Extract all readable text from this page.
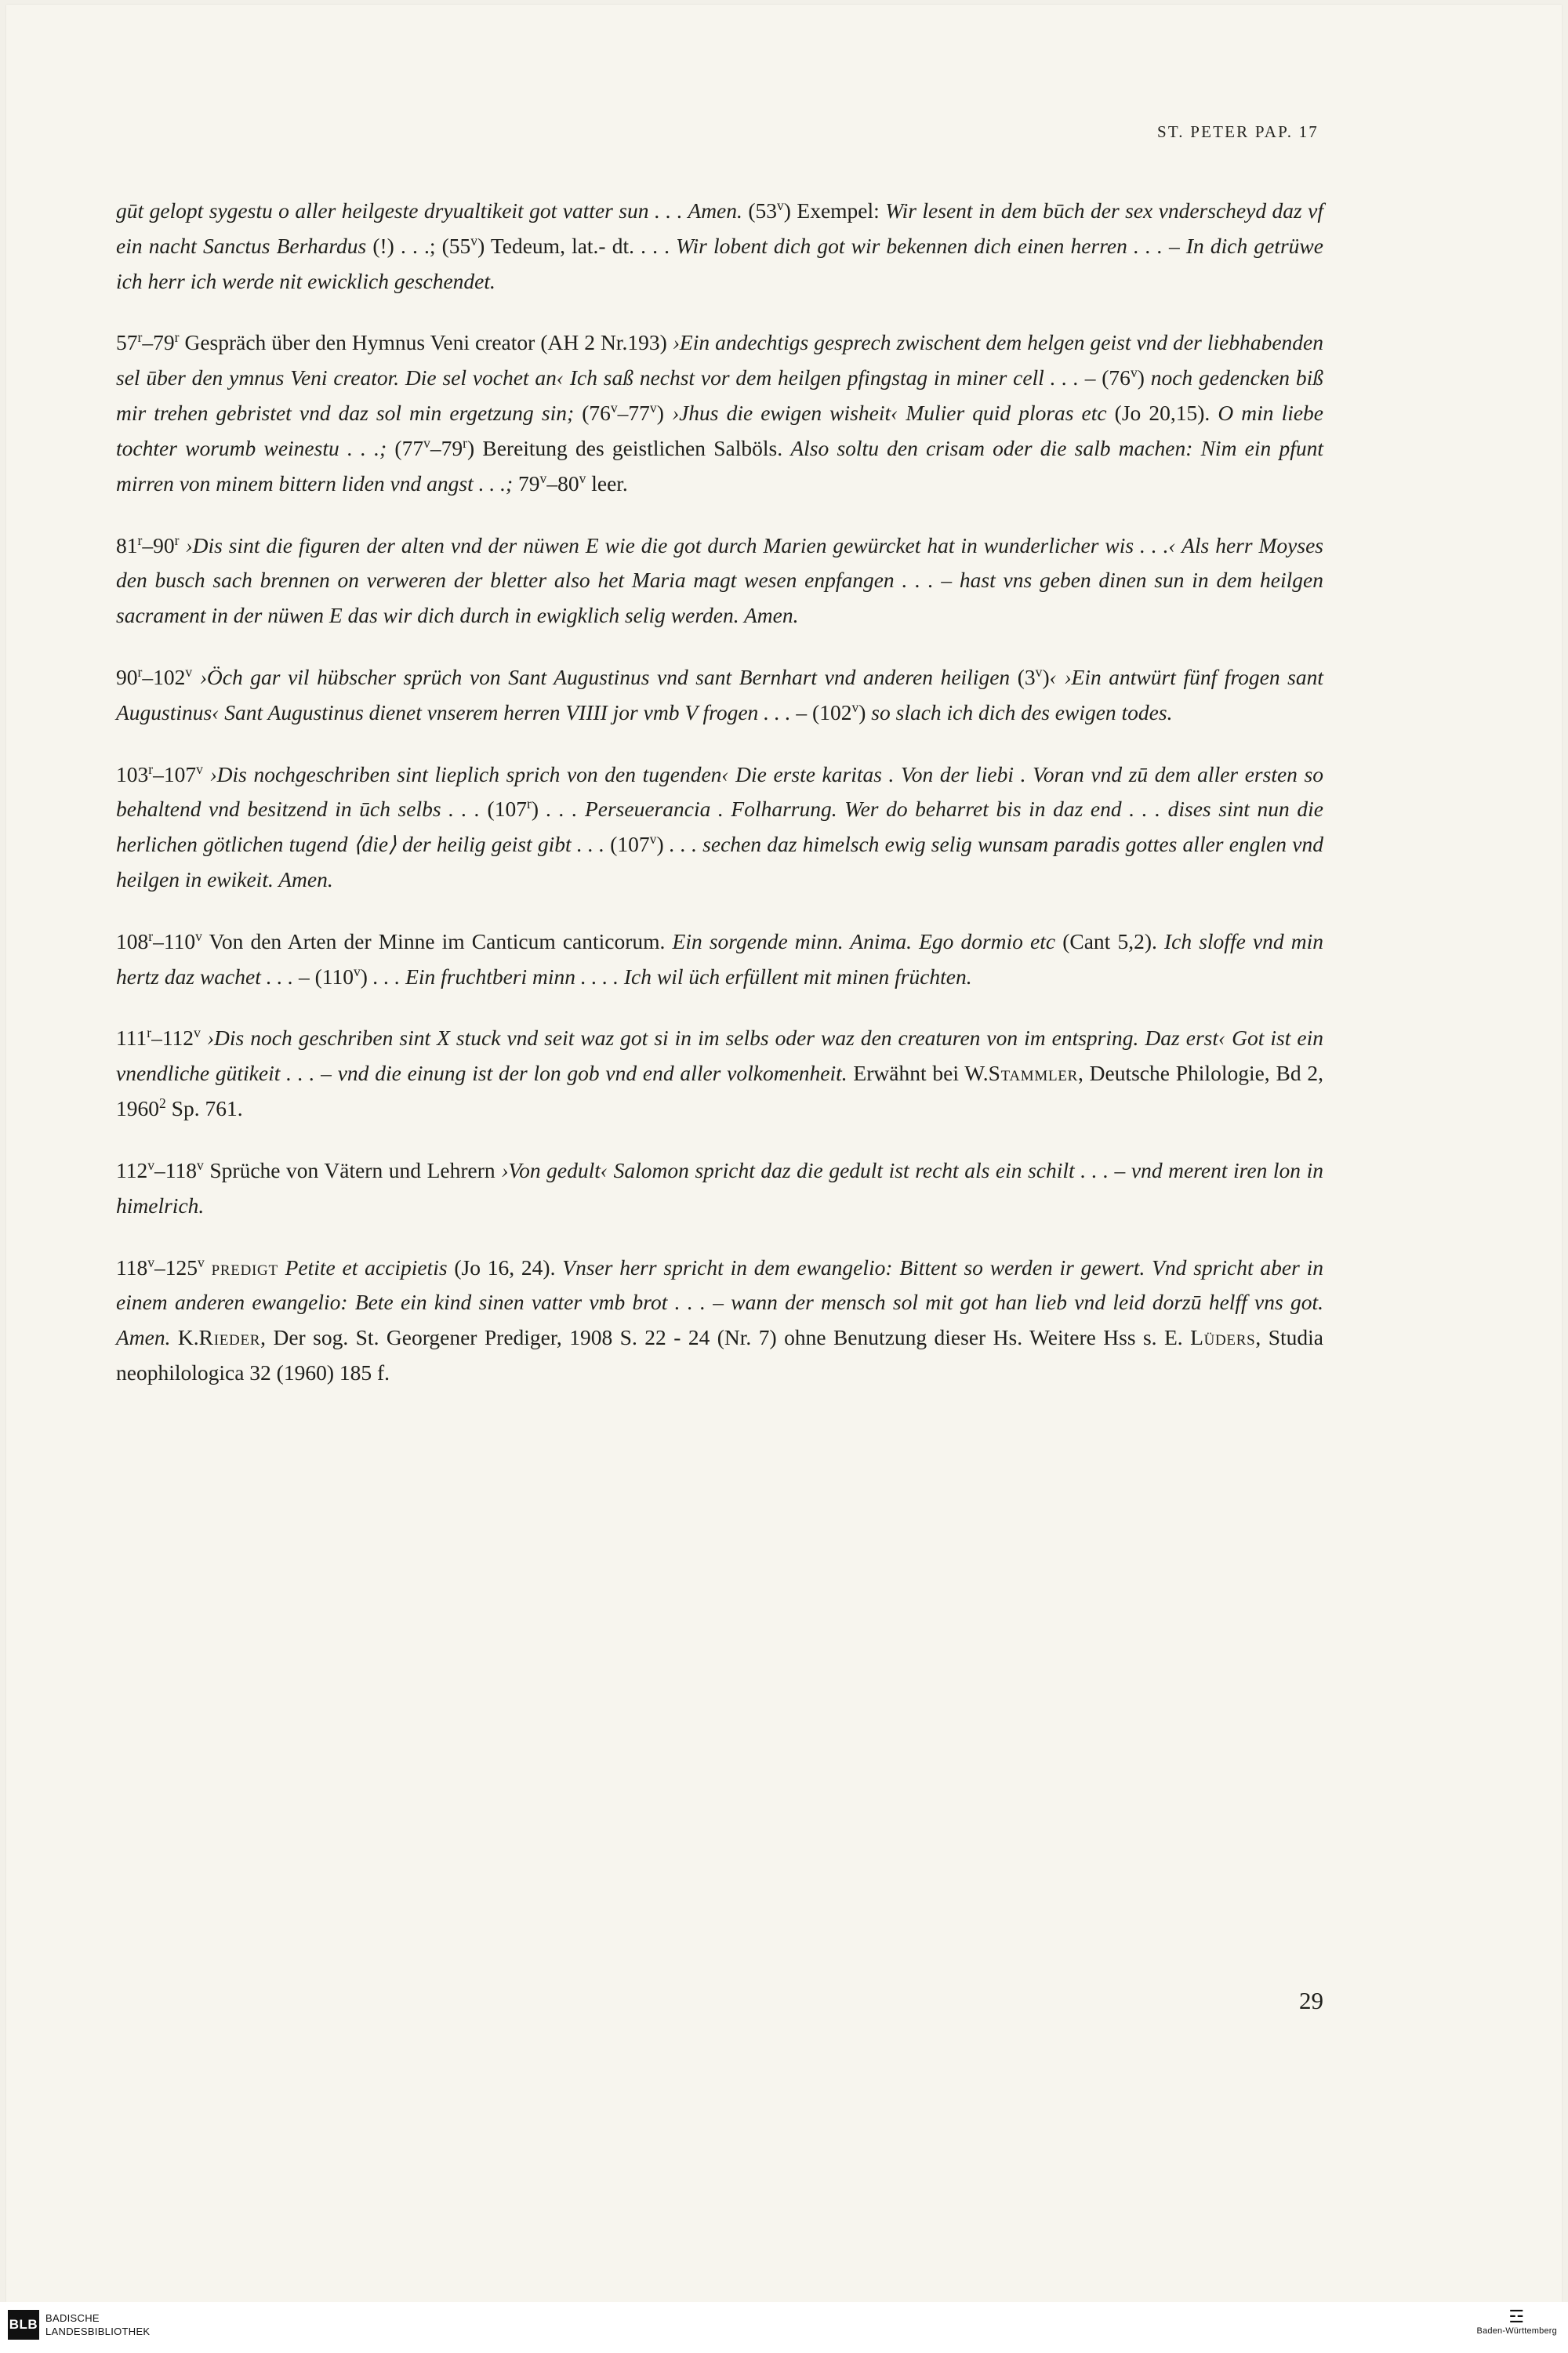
ST. PETER PAP. 17

gūt gelopt sygestu o aller heilgeste dryualtikeit got vatter sun . . . Amen. (53$^v$) Exempel: Wir lesent in dem būch der sex vnderscheyd daz vf ein nacht Sanctus Berhardus (!) . . .; (55$^v$) Tedeum, lat.- dt. . . . Wir lobent dich got wir bekennen dich einen herren . . . – In dich getrüwe ich herr ich werde nit ewicklich geschendet.

57$^r$–79$^r$ Gespräch über den Hymnus Veni creator (AH 2 Nr.193) ›Ein andechtigs gesprech zwischent dem helgen geist vnd der liebhabenden sel ūber den ymnus Veni creator. Die sel vochet an‹ Ich saß nechst vor dem heilgen pfingstag in miner cell . . . – (76$^v$) noch gedencken biß mir trehen gebristet vnd daz sol min ergetzung sin; (76$^v$–77$^v$) ›Jhus die ewigen wisheit‹ Mulier quid ploras etc (Jo 20,15). O min liebe tochter worumb weinestu . . .; (77$^v$–79$^r$) Bereitung des geistlichen Salböls. Also soltu den crisam oder die salb machen: Nim ein pfunt mirren von minem bittern liden vnd angst . . .; 79$^v$–80$^v$ leer.

81$^r$–90$^r$ ›Dis sint die figuren der alten vnd der nüwen E wie die got durch Marien gewürcket hat in wunderlicher wis . . .‹ Als herr Moyses den busch sach brennen on verweren der bletter also het Maria magt wesen enpfangen . . . – hast vns geben dinen sun in dem heilgen sacrament in der nüwen E das wir dich durch in ewigklich selig werden. Amen.

90$^r$–102$^v$ ›Öch gar vil hübscher sprüch von Sant Augustinus vnd sant Bernhart vnd anderen heiligen (3$^v$)‹ ›Ein antwürt fünf frogen sant Augustinus‹ Sant Augustinus dienet vnserem herren VIIII jor vmb V frogen . . . – (102$^v$) so slach ich dich des ewigen todes.

103$^r$–107$^v$ ›Dis nochgeschriben sint lieplich sprich von den tugenden‹ Die erste karitas . Von der liebi . Voran vnd zū dem aller ersten so behaltend vnd besitzend in ūch selbs . . . (107$^r$) . . . Perseuerancia . Folharrung. Wer do beharret bis in daz end . . . dises sint nun die herlichen götlichen tugend ⟨die⟩ der heilig geist gibt . . . (107$^v$) . . . sechen daz himelsch ewig selig wunsam paradis gottes aller englen vnd heilgen in ewikeit. Amen.

108$^r$–110$^v$ Von den Arten der Minne im Canticum canticorum. Ein sorgende minn. Anima. Ego dormio etc (Cant 5,2). Ich sloffe vnd min hertz daz wachet . . . – (110$^v$) . . . Ein fruchtberi minn . . . . Ich wil üch erfüllent mit minen früchten.

111$^r$–112$^v$ ›Dis noch geschriben sint X stuck vnd seit waz got si in im selbs oder waz den creaturen von im entspring. Daz erst‹ Got ist ein vnendliche gütikeit . . . – vnd die einung ist der lon gob vnd end aller volkomenheit. Erwähnt bei W.Stammler, Deutsche Philologie, Bd 2, 1960$^2$ Sp. 761.

112$^v$–118$^v$ Sprüche von Vätern und Lehrern ›Von gedult‹ Salomon spricht daz die gedult ist recht als ein schilt . . . – vnd merent iren lon in himelrich.

118$^v$–125$^v$ predigt Petite et accipietis (Jo 16, 24). Vnser herr spricht in dem ewangelio: Bittent so werden ir gewert. Vnd spricht aber in einem anderen ewangelio: Bete ein kind sinen vatter vmb brot . . . – wann der mensch sol mit got han lieb vnd leid dorzū helff vns got. Amen. K.Rieder, Der sog. St. Georgener Prediger, 1908 S. 22 - 24 (Nr. 7) ohne Benutzung dieser Hs. Weitere Hss s. E. Lüders, Studia neophilologica 32 (1960) 185 f.

29
BLB BADISCHE
LANDESBIBLIOTHEK
☲
Baden-Württemberg
